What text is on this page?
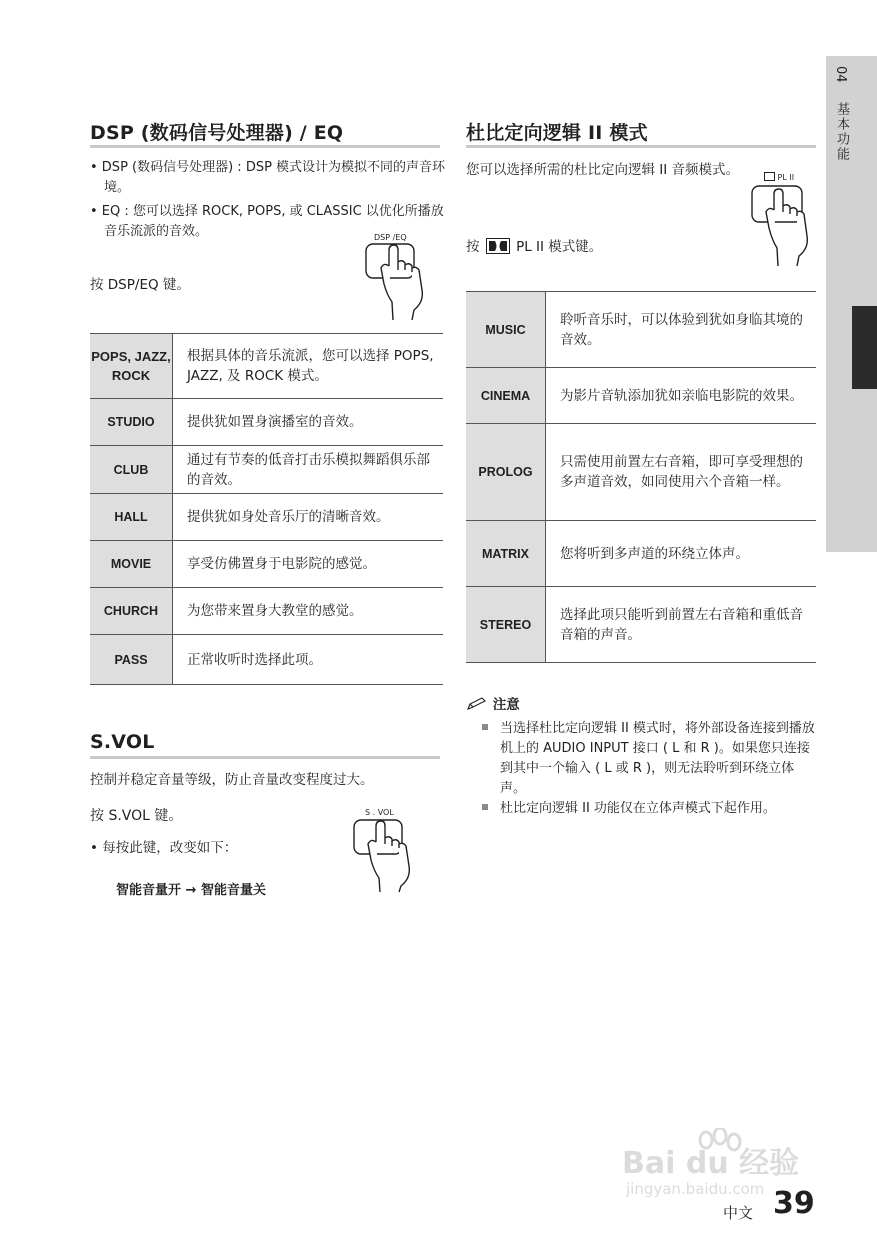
04
基本功能
DSP (数码信号处理器) / EQ
• DSP (数码信号处理器) : DSP 模式设计为模拟不同的声音环境。
• EQ : 您可以选择 ROCK, POPS, 或 CLASSIC 以优化所播放音乐流派的音效。
按 DSP/EQ 键。
DSP /EQ
POPS, JAZZ, ROCK	根据具体的音乐流派，您可以选择 POPS, JAZZ, 及 ROCK 模式。
STUDIO	提供犹如置身演播室的音效。
CLUB	通过有节奏的低音打击乐模拟舞蹈俱乐部的音效。
HALL	提供犹如身处音乐厅的清晰音效。
MOVIE	享受仿佛置身于电影院的感觉。
CHURCH	为您带来置身大教堂的感觉。
PASS	正常收听时选择此项。
S.VOL
控制并稳定音量等级，防止音量改变程度过大。
按 S.VOL 键。
• 每按此键，改变如下：
智能音量开 → 智能音量关
S . VOL
杜比定向逻辑 II 模式
您可以选择所需的杜比定向逻辑 II 音频模式。
按	PL II 模式键。
PL II
MUSIC	聆听音乐时，可以体验到犹如身临其境的音效。
CINEMA	为影片音轨添加犹如亲临电影院的效果。
PROLOG	只需使用前置左右音箱，即可享受理想的多声道音效，如同使用六个音箱一样。
MATRIX	您将听到多声道的环绕立体声。
STEREO	选择此项只能听到前置左右音箱和重低音音箱的声音。
注意
当选择杜比定向逻辑 II 模式时，将外部设备连接到播放机上的 AUDIO INPUT 接口 ( L 和 R )。如果您只连接到其中一个输入 ( L 或 R )，则无法聆听到环绕立体声。
杜比定向逻辑 II 功能仅在立体声模式下起作用。
Bai du 经验
jingyan.baidu.com
中文 39
